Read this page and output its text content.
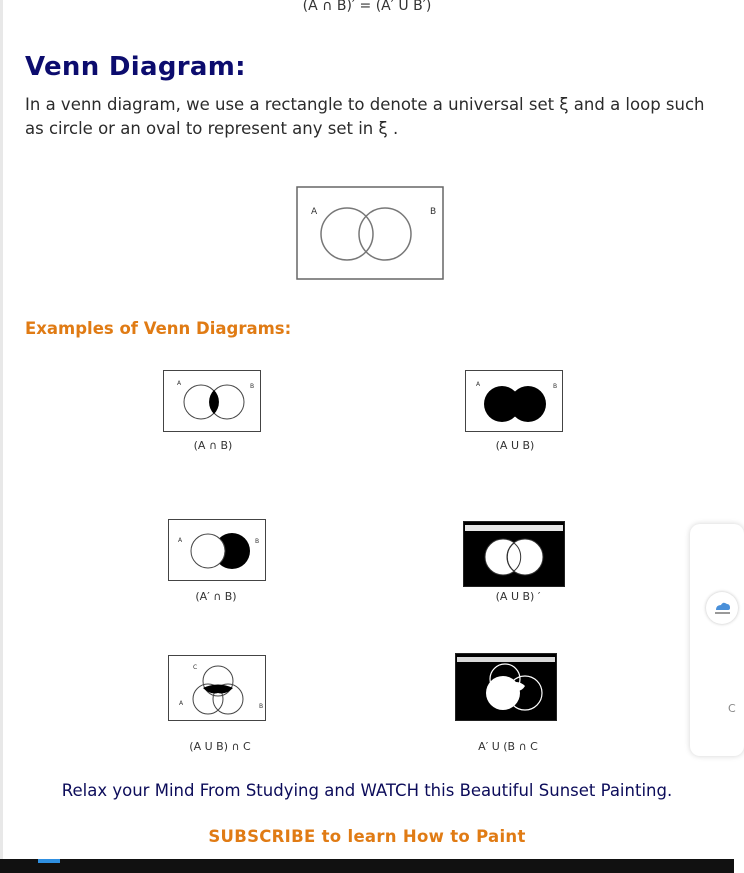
(A ∩ B)′ = (A′ U B′)
Venn Diagram:
In a venn diagram, we use a rectangle to denote a universal set ξ and a loop such as circle or an oval to represent any set in ξ .
A	B
Examples of Venn Diagrams:
A	B
(A ∩ B)
A	B
(A U B)
A	B
(A′ ∩ B)	(A U B) ′
C
A	B
(A U B) ∩ C	A′ U (B ∩ C
Relax your Mind From Studying and WATCH this Beautiful Sunset Painting.
SUBSCRIBE to learn How to Paint
C
